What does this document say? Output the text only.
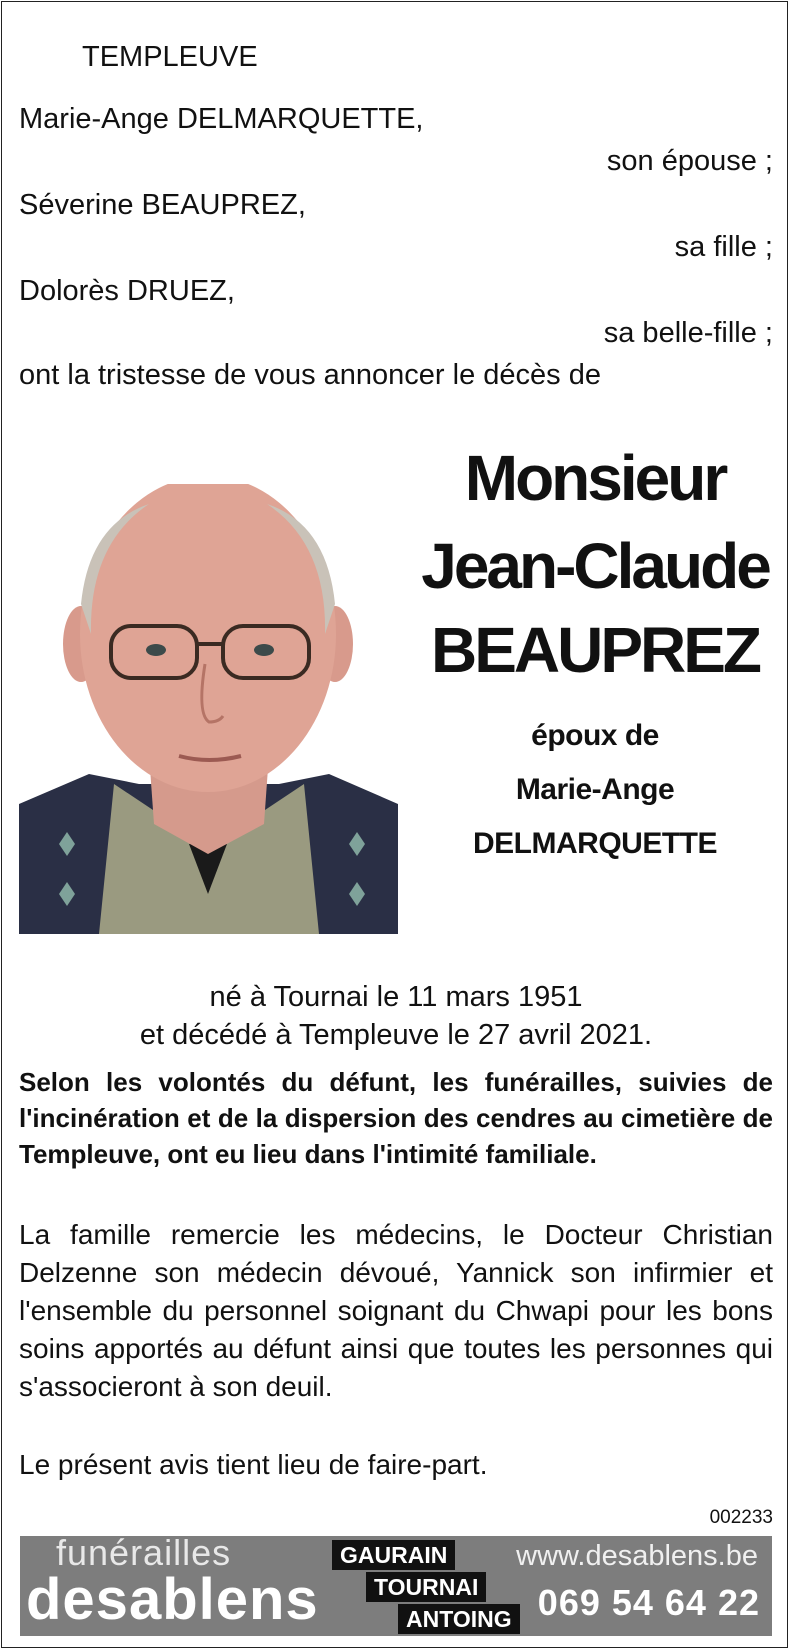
TEMPLEUVE
Marie-Ange DELMARQUETTE,
son épouse ;
Séverine BEAUPREZ,
sa fille ;
Dolorès DRUEZ,
sa belle-fille ;
ont la tristesse de vous annoncer le décès de
Monsieur
Jean-Claude
BEAUPREZ
époux de
Marie-Ange
DELMARQUETTE
né à Tournai le 11 mars 1951
et décédé à Templeuve le 27 avril 2021.
Selon les volontés du défunt, les funérailles, suivies de l'incinération et de la dispersion des cendres au cimetière de Templeuve, ont eu lieu dans l'intimité familiale.
La famille remercie les médecins, le Docteur Christian Delzenne son médecin dévoué, Yannick son infirmier et l'ensemble du personnel soignant du Chwapi pour les bons soins apportés au défunt ainsi que toutes les personnes qui s'associeront à son deuil.
Le présent avis tient lieu de faire-part.
002233
funérailles
desablens
GAURAIN
TOURNAI
ANTOING
www.desablens.be
069 54 64 22
